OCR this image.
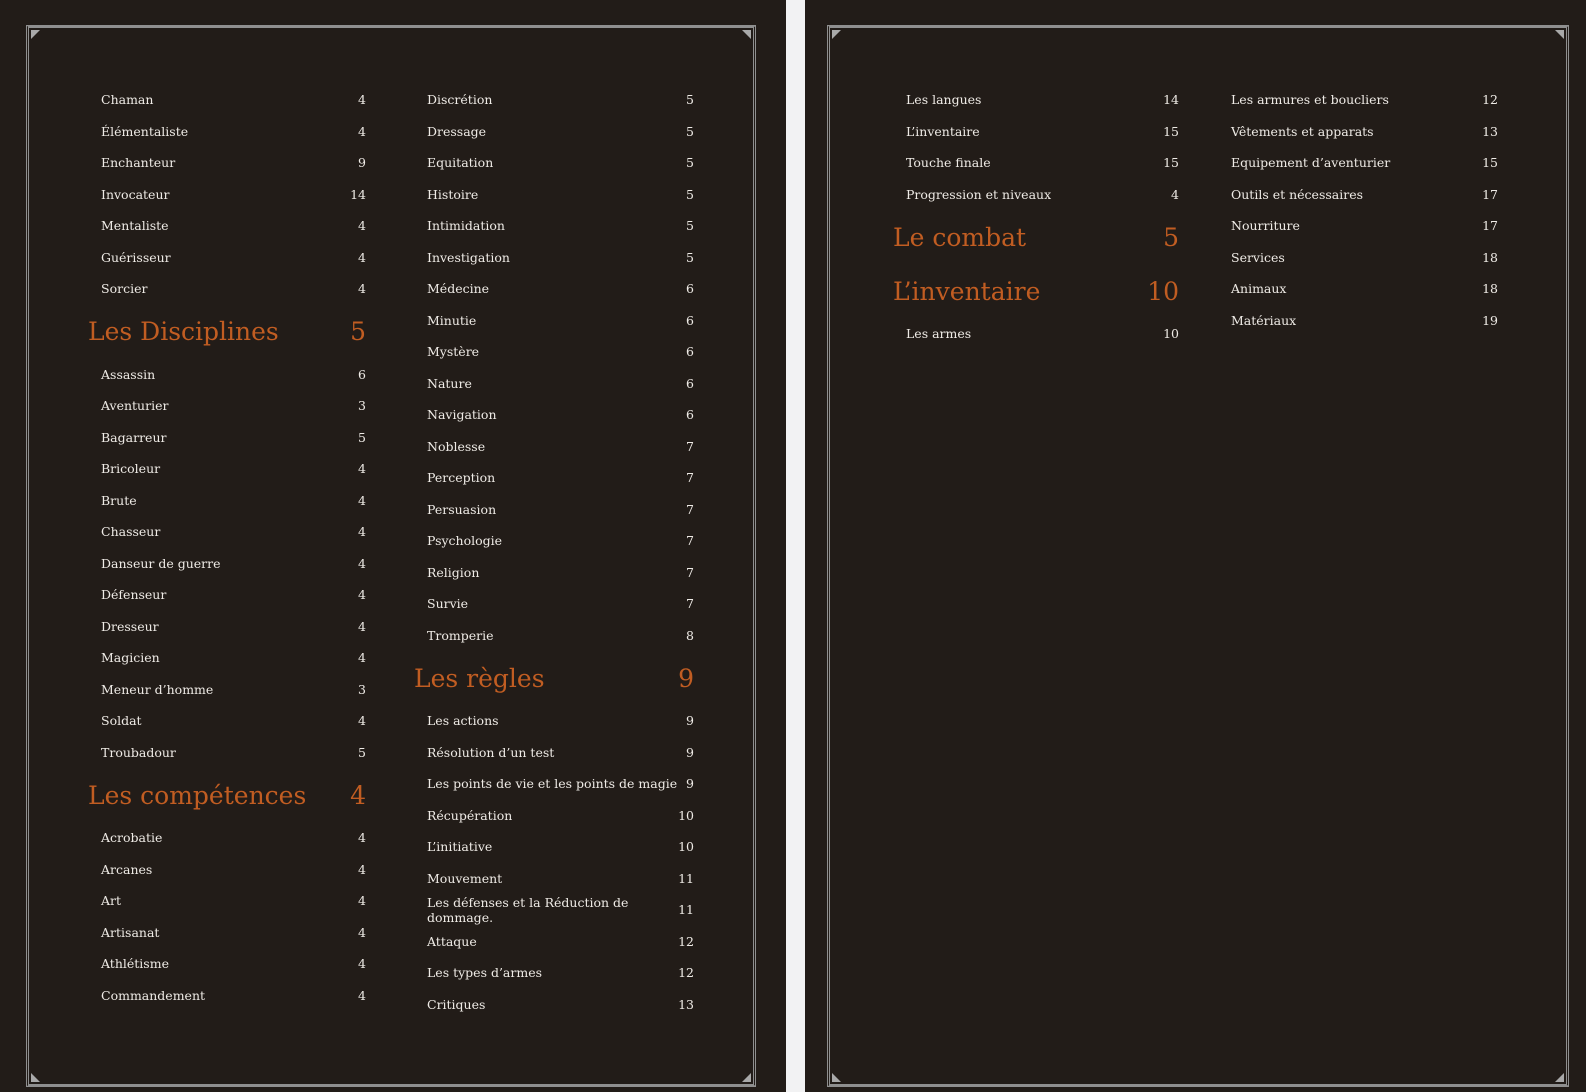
Chaman	4
Élémentaliste	4
Enchanteur	9
Invocateur	14
Mentaliste	4
Guérisseur	4
Sorcier	4
Les Disciplines	5
Assassin	6
Aventurier	3
Bagarreur	5
Bricoleur	4
Brute	4
Chasseur	4
Danseur de guerre	4
Défenseur	4
Dresseur	4
Magicien	4
Meneur d’homme	3
Soldat	4
Troubadour	5
Les compétences 4
Acrobatie	4
Arcanes	4
Art	4
Artisanat	4
Athlétisme	4
Commandement	4
Discrétion	5
Dressage	5
Equitation	5
Histoire	5
Intimidation	5
Investigation	5
Médecine	6
Minutie	6
Mystère	6
Nature	6
Navigation	6
Noblesse	7
Perception	7
Persuasion	7
Psychologie	7
Religion	7
Survie	7
Tromperie	8
Les règles	9
Les actions	9
Résolution d’un test	9
Les points de vie et les points de magie 9
Récupération	10
L’initiative	10
Mouvement	11
Les défenses et la Réduction de dommage.	11
Attaque	12
Les types d’armes	12
Critiques	13
Les langues	14
L’inventaire	15
Touche finale	15
Progression et niveaux	4
Le combat	5
L’inventaire	10
Les armes	10
Les armures et boucliers	12
Vêtements et apparats	13
Equipement d’aventurier	15
Outils et nécessaires	17
Nourriture	17
Services	18
Animaux	18
Matériaux	19
